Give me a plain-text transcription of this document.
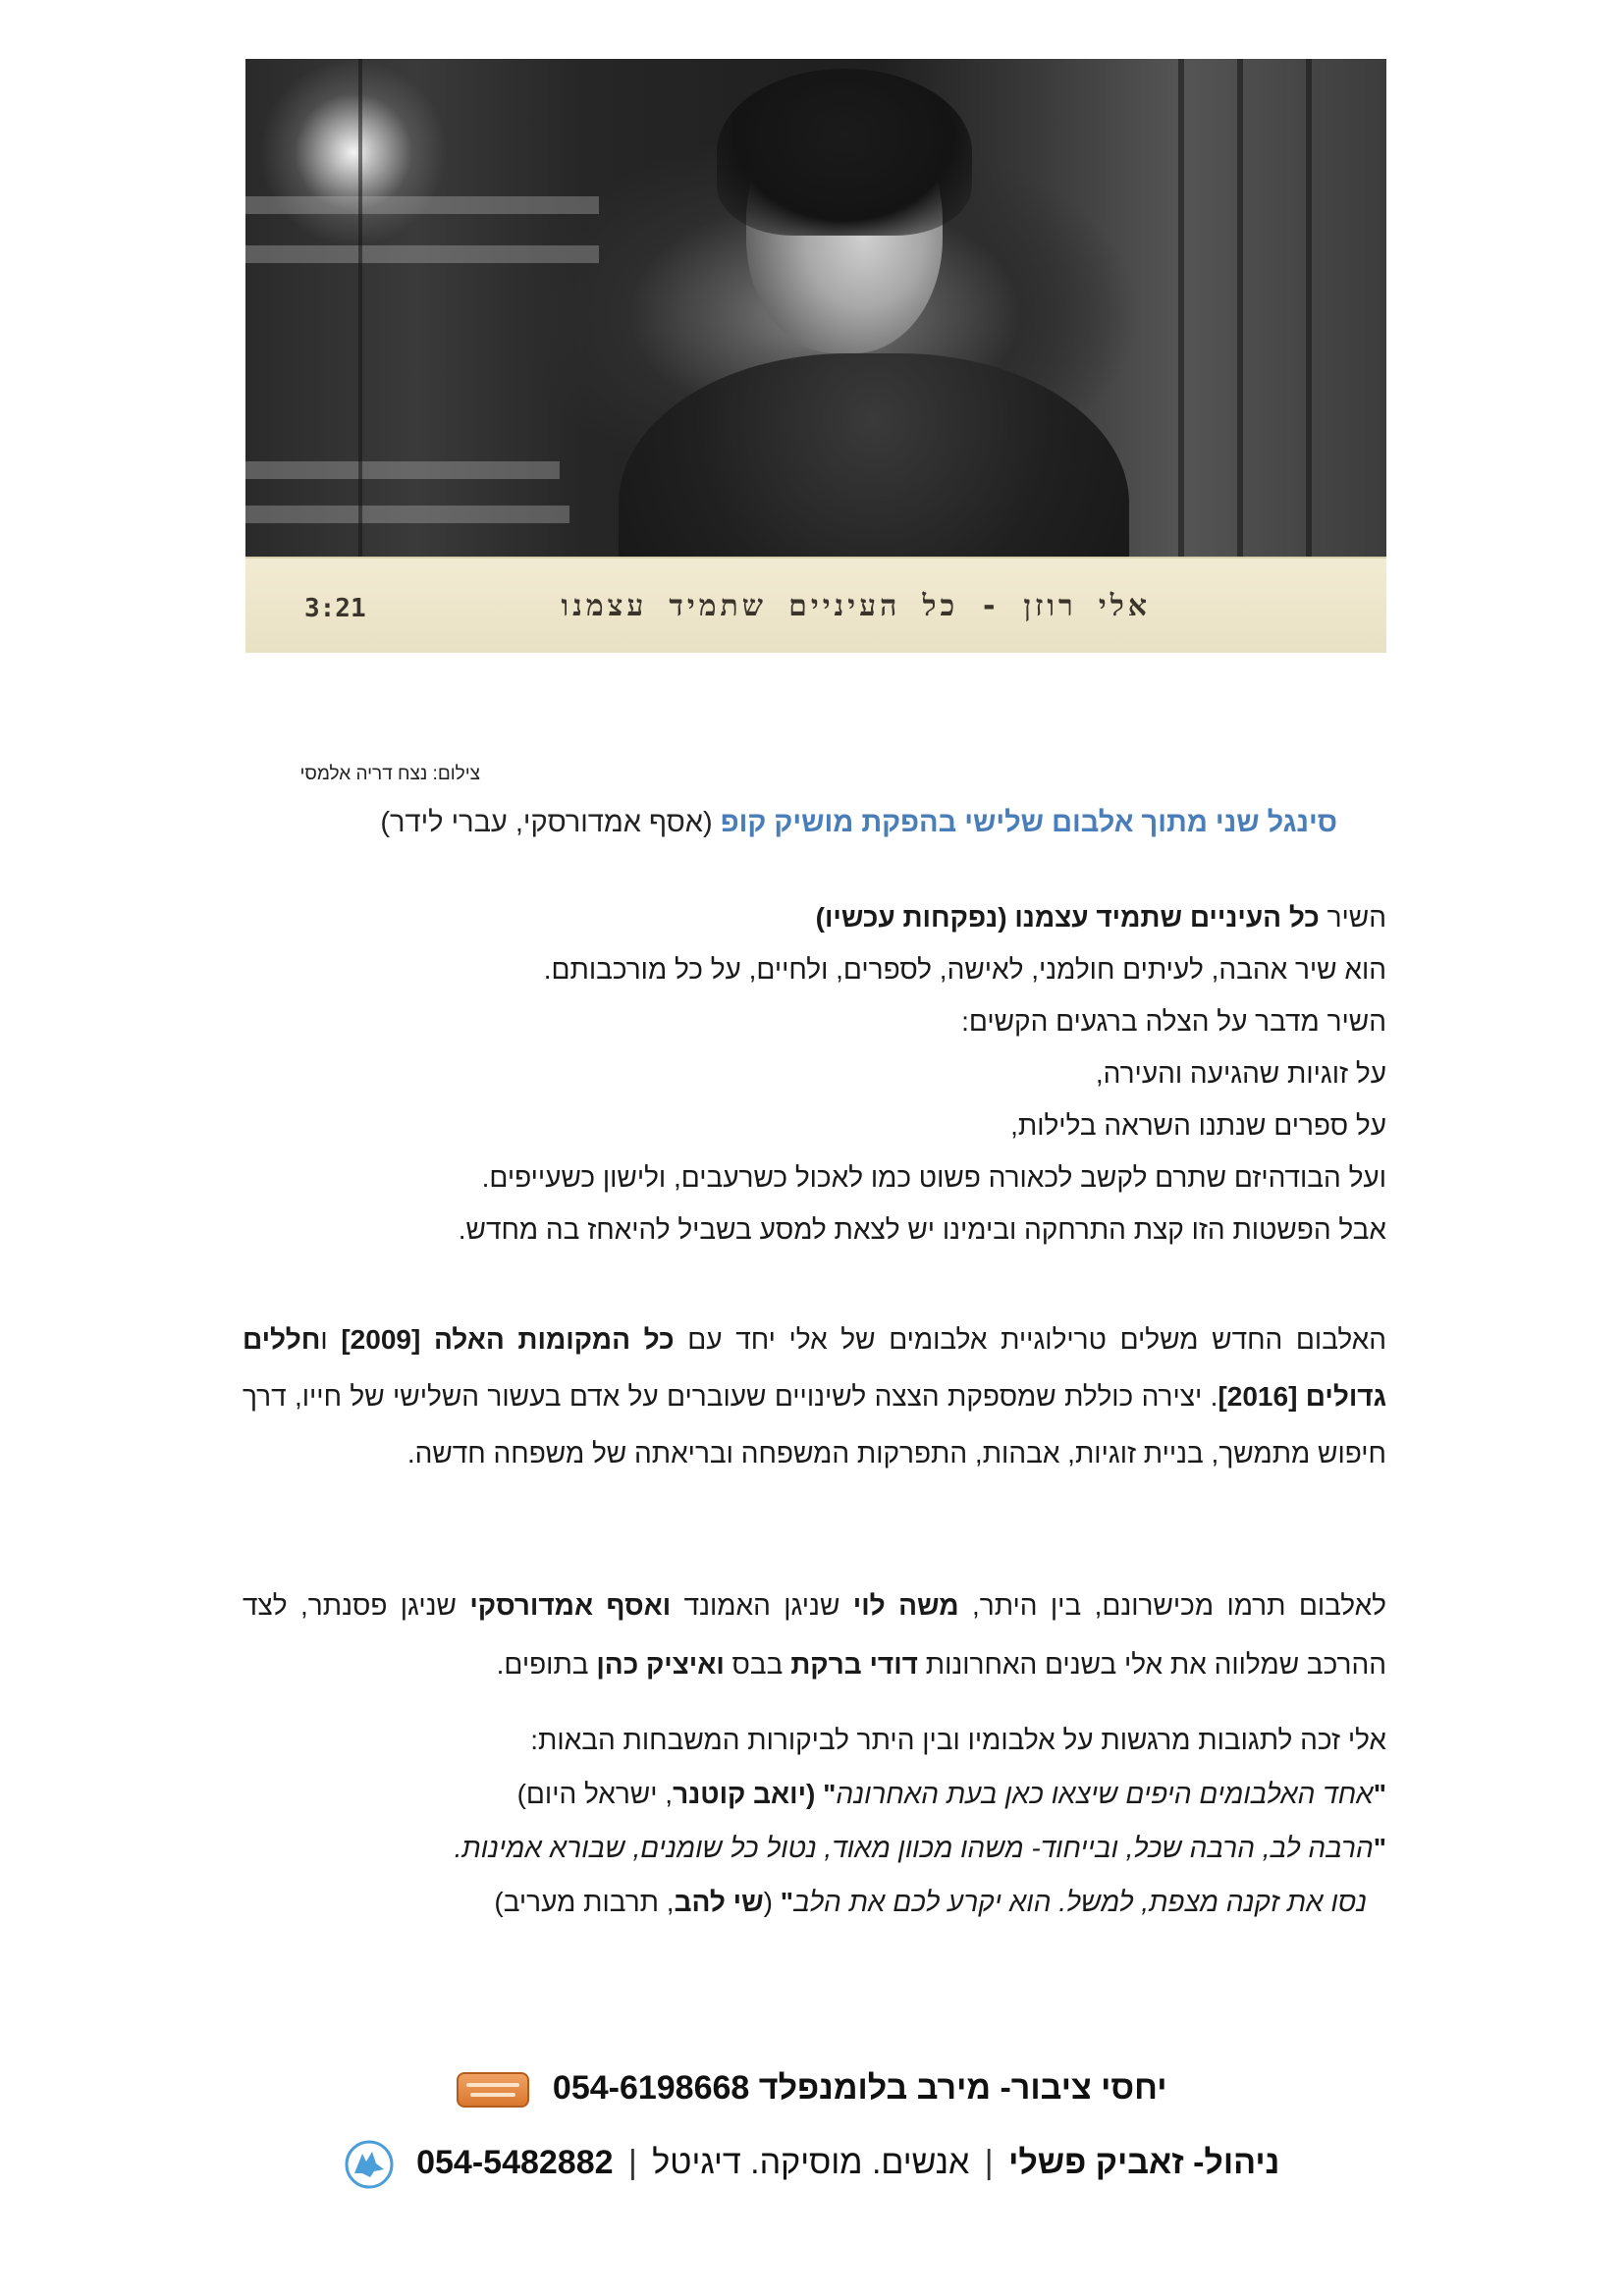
אלי רוזן - כל העיניים שתמיד עצמנו
3:21
צילום: נצח דריה אלמסי
סינגל שני מתוך אלבום שלישי בהפקת מושיק קופ (אסף אמדורסקי, עברי לידר)

השיר כל העיניים שתמיד עצמנו (נפקחות עכשיו)

הוא שיר אהבה, לעיתים חולמני, לאישה, לספרים, ולחיים, על כל מורכבותם.

השיר מדבר על הצלה ברגעים הקשים:

על זוגיות שהגיעה והעירה,

על ספרים שנתנו השראה בלילות,

ועל הבודהיזם שתרם לקשב לכאורה פשוט כמו לאכול כשרעבים, ולישון כשעייפים.

אבל הפשטות הזו קצת התרחקה ובימינו יש לצאת למסע בשביל להיאחז בה מחדש.

האלבום החדש משלים טרילוגיית אלבומים של אלי יחד עם כל המקומות האלה [2009] וחללים גדולים [2016]. יצירה כוללת שמספקת הצצה לשינויים שעוברים על אדם בעשור השלישי של חייו, דרך חיפוש מתמשך, בניית זוגיות, אבהות, התפרקות המשפחה ובריאתה של משפחה חדשה.
לאלבום תרמו מכישרונם, בין היתר, משה לוי שניגן האמונד ואסף אמדורסקי שניגן פסנתר, לצד ההרכב שמלווה את אלי בשנים האחרונות דודי ברקת בבס ואיציק כהן בתופים.

אלי זכה לתגובות מרגשות על אלבומיו ובין היתר לביקורות המשבחות הבאות:

"אחד האלבומים היפים שיצאו כאן בעת האחרונה" (יואב קוטנר, ישראל היום)

"הרבה לב, הרבה שכל, ובייחוד- משהו מכוון מאוד, נטול כל שומנים, שבורא אמינות.

נסו את זקנה מצפת, למשל. הוא יקרע לכם את הלב" (שי להב, תרבות מעריב)

יחסי ציבור- מירב בלומנפלד 054-6198668
ניהול- זאביק פשלי | אנשים. מוסיקה. דיגיטל | 054-5482882
